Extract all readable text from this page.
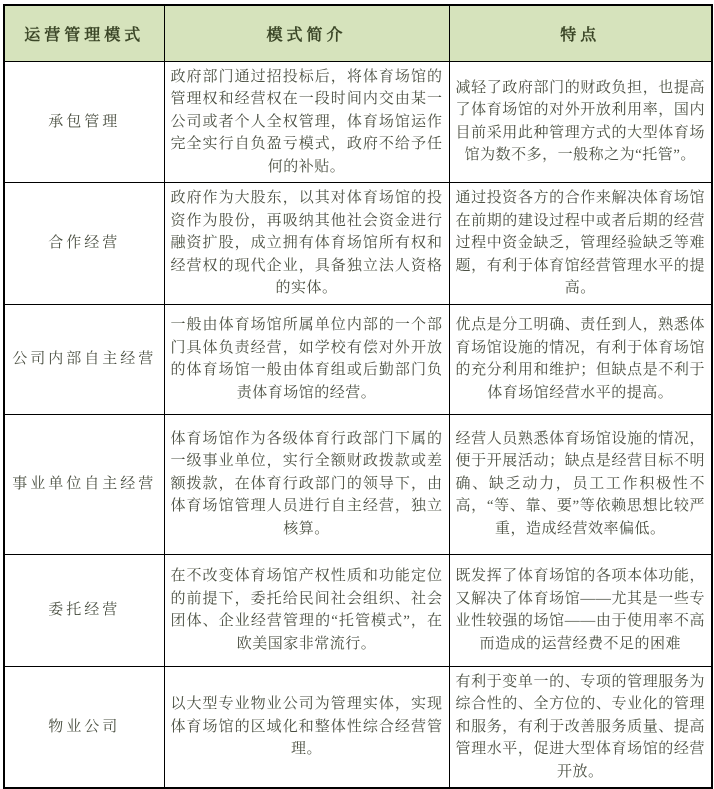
运营管理模式	模式简介	特点
承包管理	政府部门通过招投标后，将体育场馆的管理权和经营权在一段时间内交由某一公司或者个人全权管理，体育场馆运作完全实行自负盈亏模式，政府不给予任何的补贴。	减轻了政府部门的财政负担，也提高了体育场馆的对外开放利用率，国内目前采用此种管理方式的大型体育场馆为数不多，一般称之为“托管”。
合作经营	政府作为大股东，以其对体育场馆的投资作为股份，再吸纳其他社会资金进行融资扩股，成立拥有体育场馆所有权和经营权的现代企业，具备独立法人资格的实体。	通过投资各方的合作来解决体育场馆在前期的建设过程中或者后期的经营过程中资金缺乏，管理经验缺乏等难题，有利于体育馆经营管理水平的提高。
公司内部自主经营	一般由体育场馆所属单位内部的一个部门具体负责经营，如学校有偿对外开放的体育场馆一般由体育组或后勤部门负责体育场馆的经营。	优点是分工明确、责任到人，熟悉体育场馆设施的情况，有利于体育场馆的充分利用和维护；但缺点是不利于体育场馆经营水平的提高。
事业单位自主经营	体育场馆作为各级体育行政部门下属的一级事业单位，实行全额财政拨款或差额拨款，在体育行政部门的领导下，由体育场馆管理人员进行自主经营，独立核算。	经营人员熟悉体育场馆设施的情况，便于开展活动；缺点是经营目标不明确、缺乏动力，员工工作积极性不高，“等、靠、要”等依赖思想比较严重，造成经营效率偏低。
委托经营	在不改变体育场馆产权性质和功能定位的前提下，委托给民间社会组织、社会团体、企业经营管理的“托管模式”，在欧美国家非常流行。	既发挥了体育场馆的各项本体功能，又解决了体育场馆——尤其是一些专业性较强的场馆——由于使用率不高而造成的运营经费不足的困难
物业公司	以大型专业物业公司为管理实体，实现体育场馆的区域化和整体性综合经营管理。	有利于变单一的、专项的管理服务为综合性的、全方位的、专业化的管理和服务，有利于改善服务质量、提高管理水平，促进大型体育场馆的经营开放。
